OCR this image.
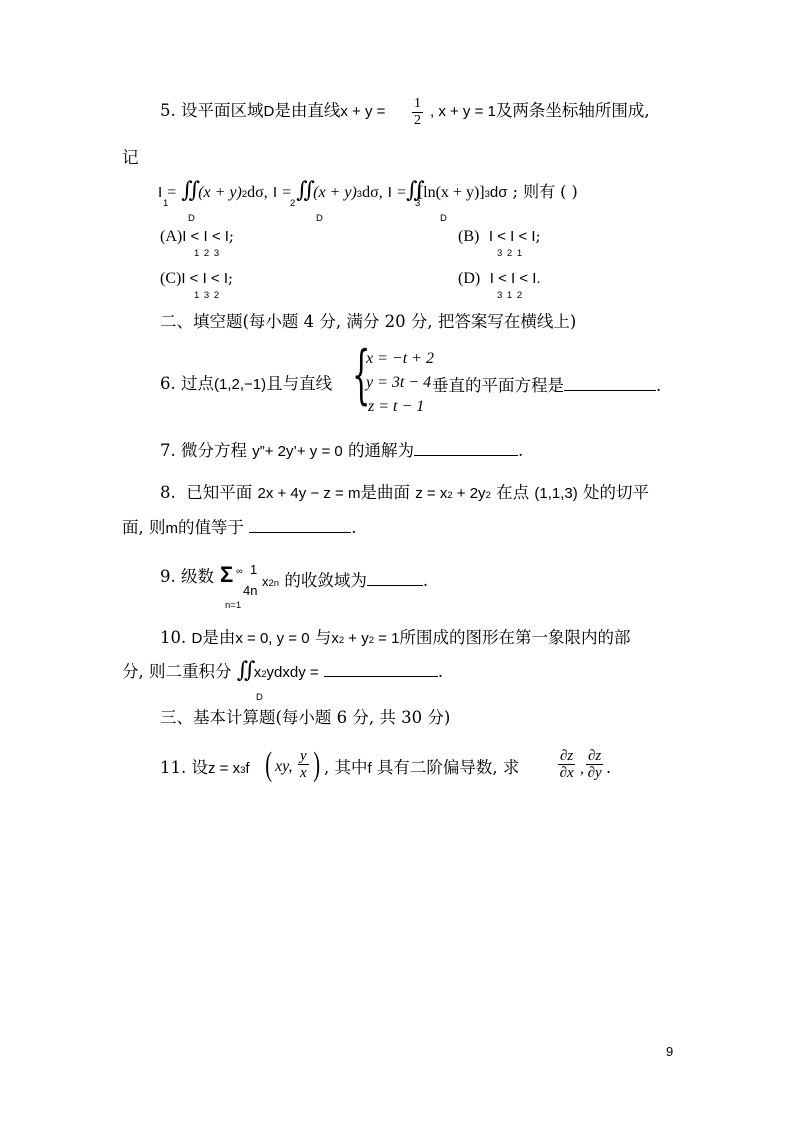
5. 设平面区域D是由直线$x + y = \frac{1}{2}$ , x + y = 1及两条坐标轴所围成,
记
I = ∬ (x + y)2dσ, I = ∬ (x + y)3dσ, I =∬[ln(x + y)]3dσ ; 则有 ( )
1	2	3
D	D	D
(A)I < I < I;
1 2 3
(B) I < I < I;
3 2 1
(C)I < I < I;
1 3 2
(D) I < I < I.
3 1 2
二、填空题(每小题 4 分, 满分 20 分, 把答案写在横线上)
6. 过点(1,2,−1)且与直线 {
x = −t + 2
y = 3t − 4
z = t − 1
垂直的平面方程是	.
7. 微分方程 y”+ 2y’+ y = 0 的通解为	.
8. 已知平面 2x + 4y − z = m是曲面 z = x2 + 2y2 在点 (1,1,3) 处的切平
面, 则m的值等于	.
9. 级数 Σ ∞
n=1
1
4n
x2n 的收敛域为	.
10. D是由x = 0, y = 0 与x2 + y2 = 1所围成的图形在第一象限内的部
分, 则二重积分 ∬ x2ydxdy =	.
D
三、基本计算题(每小题 6 分, 共 30 分)
11. 设z = x3f ( xy, $\frac{y}{x}$ ) , 其中f 具有二阶偏导数, 求	$\frac{\partial z}{\partial x}$ , $\frac{\partial z}{\partial y}$ .
9
